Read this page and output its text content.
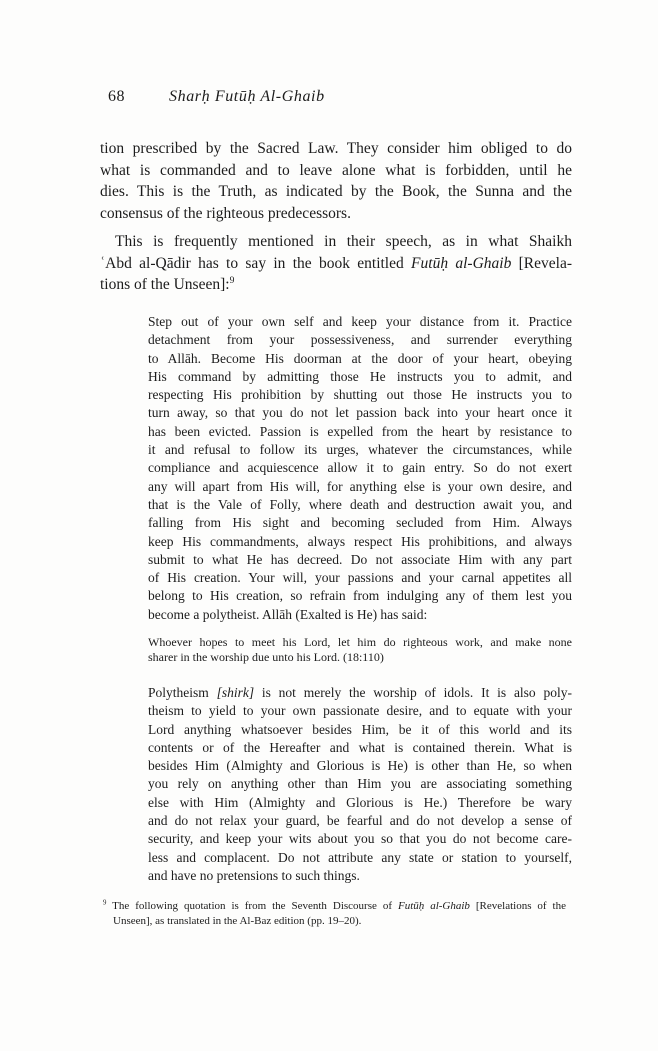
68	Sharḥ Futūḥ Al-Ghaib
tion prescribed by the Sacred Law. They consider him obliged to do
what is commanded and to leave alone what is forbidden, until he
dies. This is the Truth, as indicated by the Book, the Sunna and the
consensus of the righteous predecessors.
This is frequently mentioned in their speech, as in what Shaikh
ʿAbd al-Qādir has to say in the book entitled Futūḥ al-Ghaib [Revela-
tions of the Unseen]:$^9$
Step out of your own self and keep your distance from it. Practice
detachment from your possessiveness, and surrender everything
to Allāh. Become His doorman at the door of your heart, obeying
His command by admitting those He instructs you to admit, and
respecting His prohibition by shutting out those He instructs you to
turn away, so that you do not let passion back into your heart once it
has been evicted. Passion is expelled from the heart by resistance to
it and refusal to follow its urges, whatever the circumstances, while
compliance and acquiescence allow it to gain entry. So do not exert
any will apart from His will, for anything else is your own desire, and
that is the Vale of Folly, where death and destruction await you, and
falling from His sight and becoming secluded from Him. Always
keep His commandments, always respect His prohibitions, and always
submit to what He has decreed. Do not associate Him with any part
of His creation. Your will, your passions and your carnal appetites all
belong to His creation, so refrain from indulging any of them lest you
become a polytheist. Allāh (Exalted is He) has said:
Whoever hopes to meet his Lord, let him do righteous work, and make none
sharer in the worship due unto his Lord. (18:110)
Polytheism [shirk] is not merely the worship of idols. It is also poly-
theism to yield to your own passionate desire, and to equate with your
Lord anything whatsoever besides Him, be it of this world and its
contents or of the Hereafter and what is contained therein. What is
besides Him (Almighty and Glorious is He) is other than He, so when
you rely on anything other than Him you are associating something
else with Him (Almighty and Glorious is He.) Therefore be wary
and do not relax your guard, be fearful and do not develop a sense of
security, and keep your wits about you so that you do not become care-
less and complacent. Do not attribute any state or station to yourself,
and have no pretensions to such things.
$^9$ The following quotation is from the Seventh Discourse of Futūḥ al-Ghaib [Revelations of the
Unseen], as translated in the Al-Baz edition (pp. 19–20).
